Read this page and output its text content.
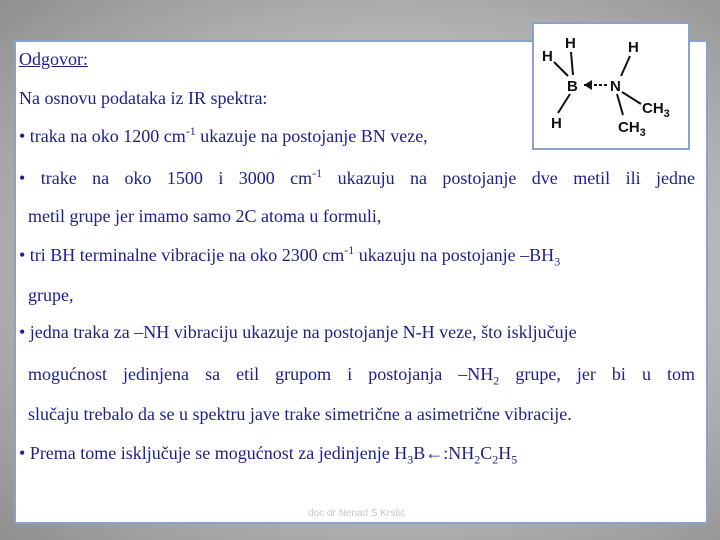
H
H
B
H
H
N
$CH_3$
$CH_3$
Odgovor:
Na osnovu podataka iz IR spektra:
• traka na oko 1200 $cm^{-1}$ ukazuje na postojanje BN veze,
• trake na oko 1500 i 3000 $cm^{-1}$ ukazuju na postojanje dve metil ili jedne
metil grupe jer imamo samo 2C atoma u formuli,
• tri BH terminalne vibracije na oko 2300 $cm^{-1}$ ukazuju na postojanje $-BH_3$
grupe,
• jedna traka za –NH vibraciju ukazuje na postojanje N-H veze, što isključuje
mogućnost jedinjena sa etil grupom i postojanja $-NH_2$ grupe, jer bi u tom
slučaju trebalo da se u spektru jave trake simetrične a asimetrične vibracije.
• Prema tome isključuje se mogućnost za jedinjenje $H_3B\leftarrow:NH_2C_2H_5$
doc dr Nenad S Krstić
